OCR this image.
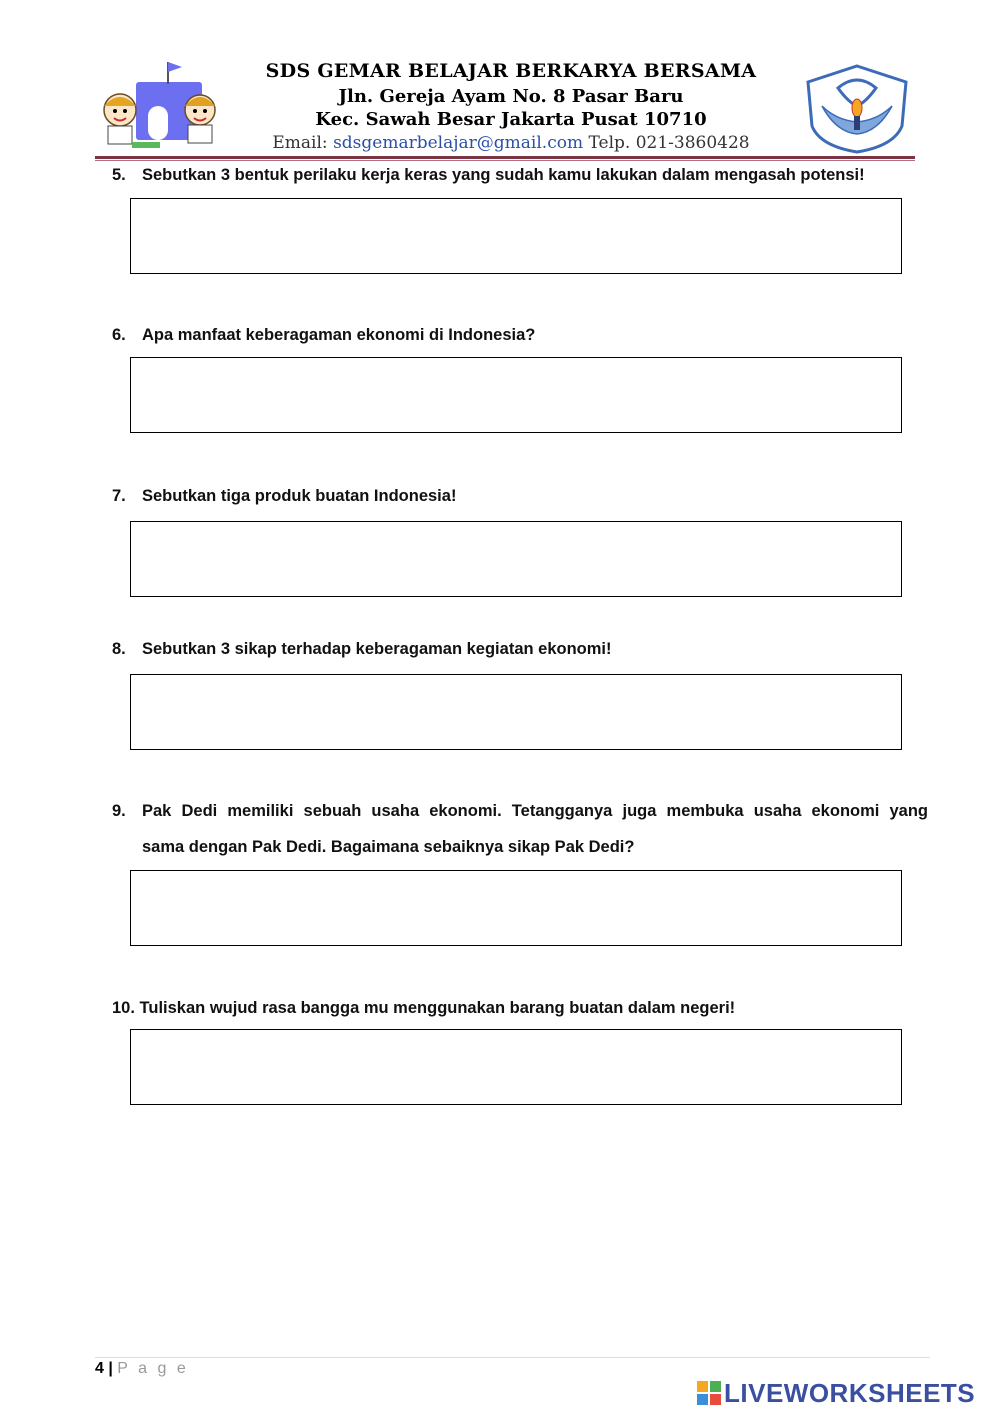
SDS GEMAR BELAJAR BERKARYA BERSAMA
Jln. Gereja Ayam No. 8 Pasar Baru
Kec. Sawah Besar Jakarta Pusat 10710
Email: sdsgemarbelajar@gmail.com Telp. 021-3860428
5. Sebutkan 3 bentuk perilaku kerja keras yang sudah kamu lakukan dalam mengasah potensi!
6. Apa manfaat keberagaman ekonomi di Indonesia?
7. Sebutkan tiga produk buatan Indonesia!
8. Sebutkan 3 sikap terhadap keberagaman kegiatan ekonomi!
9. Pak Dedi memiliki sebuah usaha ekonomi. Tetangganya juga membuka usaha ekonomi yang
sama dengan Pak Dedi. Bagaimana sebaiknya sikap Pak Dedi?
10. Tuliskan wujud rasa bangga mu menggunakan barang buatan dalam negeri!
4 | P a g e
LIVEWORKSHEETS
